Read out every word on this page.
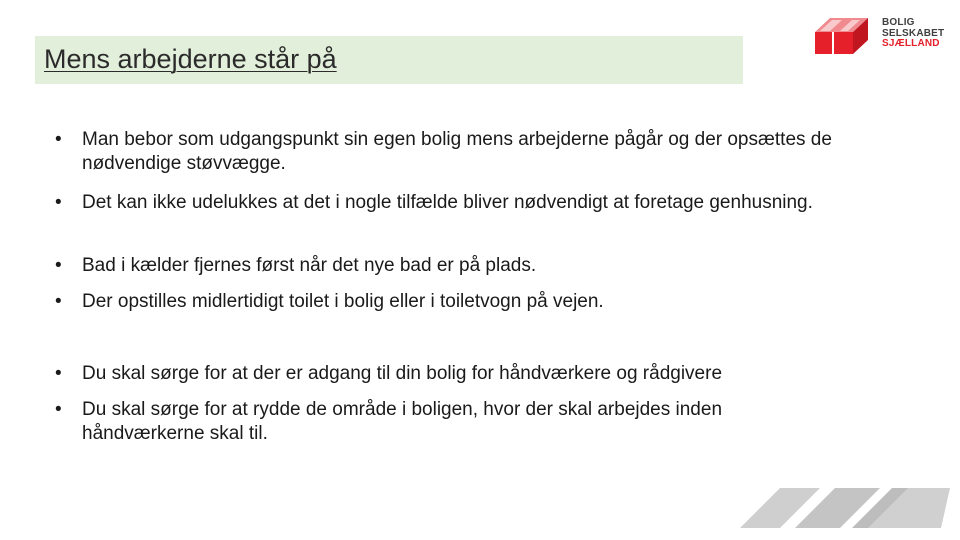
Mens arbejderne står på
BOLIG
SELSKABET
SJÆLLAND
•	Man bebor som udgangspunkt sin egen bolig mens arbejderne pågår og der opsættes de nødvendige støvvægge.
•	Det kan ikke udelukkes at det i nogle tilfælde bliver nødvendigt at foretage genhusning.
•	Bad i kælder fjernes først når det nye bad er på plads.
•	Der opstilles midlertidigt toilet i bolig eller i toiletvogn på vejen.
•	Du skal sørge for at der er adgang til din bolig for håndværkere og rådgivere
•	Du skal sørge for at rydde de område i boligen, hvor der skal arbejdes inden håndværkerne skal til.
